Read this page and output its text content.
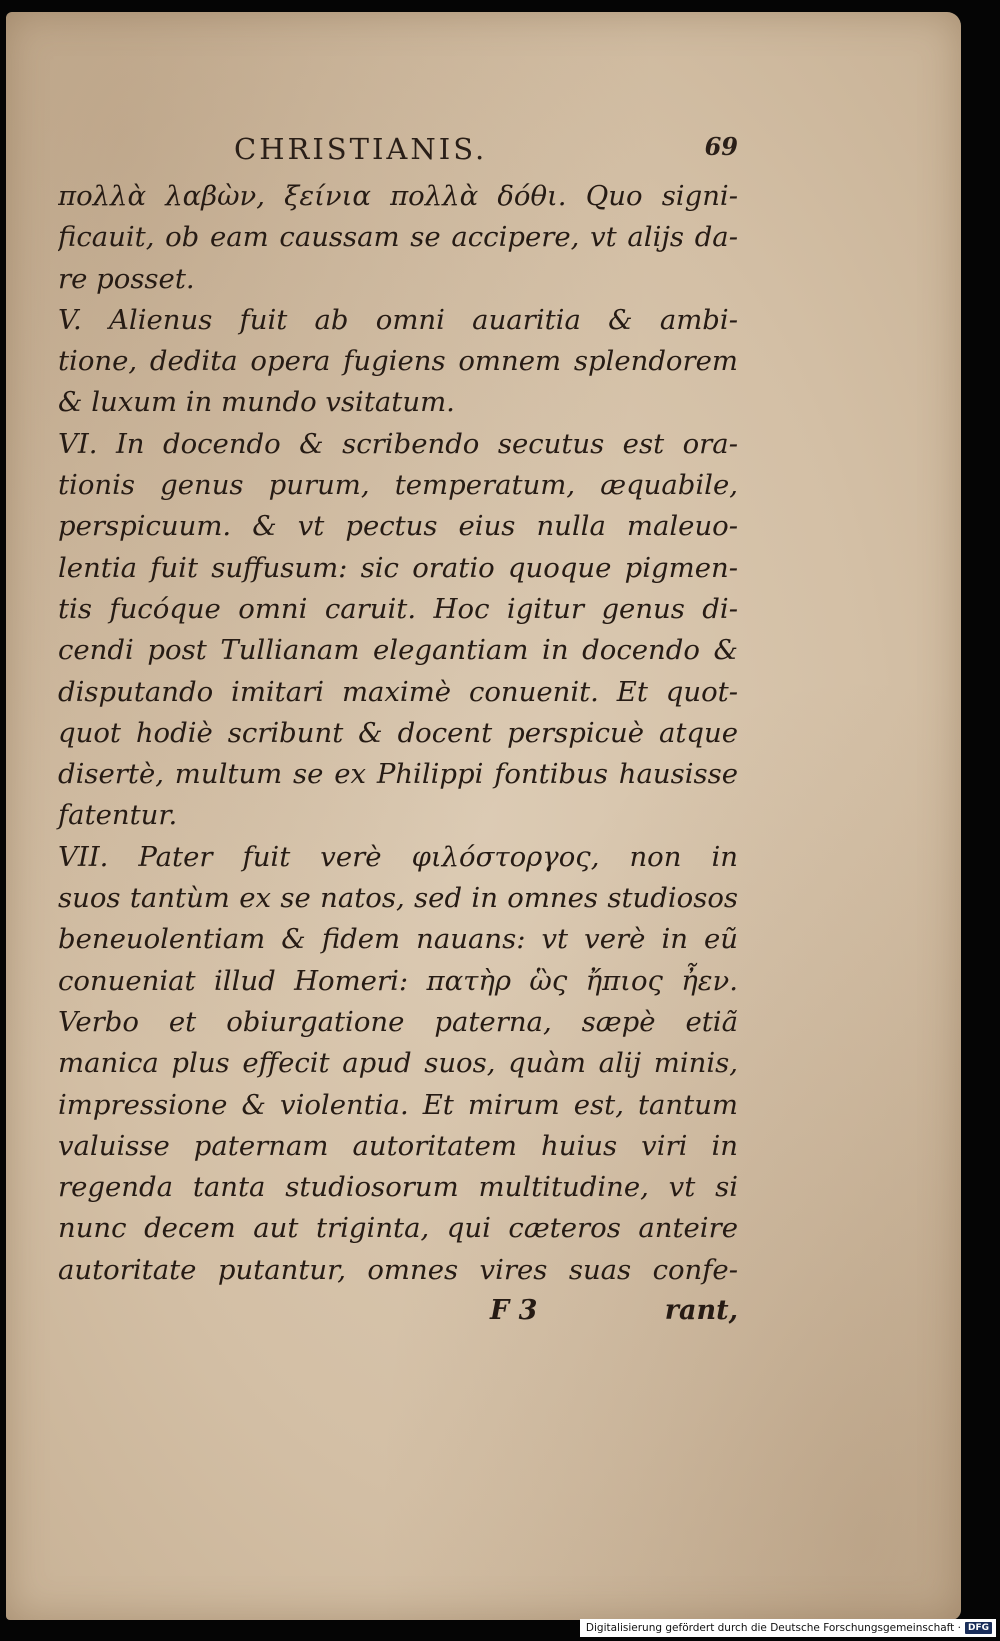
CHRISTIANIS.	69
πολλὰ λαβὼν, ξείνια πολλὰ δόθι. Quo signi-
ficauit, ob eam caussam se accipere, vt alijs da-
re posset.
V. Alienus fuit ab omni auaritia & ambi-
tione, dedita opera fugiens omnem splendorem
& luxum in mundo vsitatum.
VI. In docendo & scribendo secutus est ora-
tionis genus purum, temperatum, æquabile,
perspicuum. & vt pectus eius nulla maleuo-
lentia fuit suffusum: sic oratio quoque pigmen-
tis fucóque omni caruit. Hoc igitur genus di-
cendi post Tullianam elegantiam in docendo &
disputando imitari maximè conuenit. Et quot-
quot hodiè scribunt & docent perspicuè atque
disertè, multum se ex Philippi fontibus hausisse
fatentur.
VII. Pater fuit verè φιλόστοργος, non in
suos tantùm ex se natos, sed in omnes studiosos
beneuolentiam & fidem nauans: vt verè in eũ
conueniat illud Homeri: πατὴρ ὣς ἤπιος ἦεν.
Verbo et obiurgatione paterna, sæpè etiã
manica plus effecit apud suos, quàm alij minis,
impressione & violentia. Et mirum est, tantum
valuisse paternam autoritatem huius viri in
regenda tanta studiosorum multitudine, vt si
nunc decem aut triginta, qui cæteros anteire
autoritate putantur, omnes vires suas confe-
F 3	rant,
Digitalisierung gefördert durch die Deutsche Forschungsgemeinschaft · DFG
